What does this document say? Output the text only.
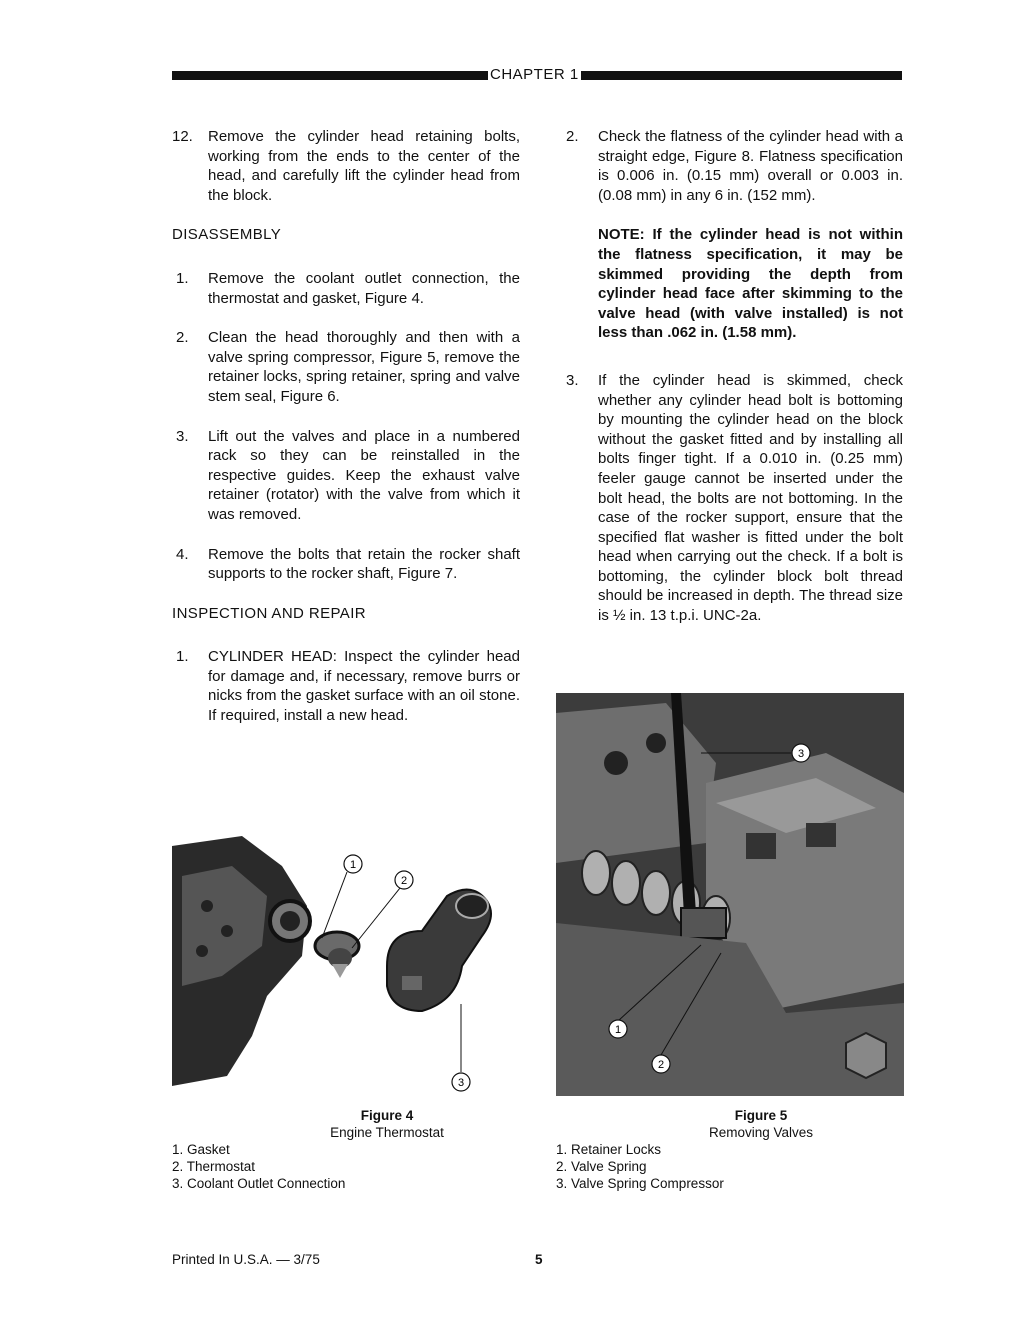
CHAPTER 1
12.	Remove the cylinder head retaining bolts, working from the ends to the center of the head, and carefully lift the cylinder head from the block.
DISASSEMBLY
1.	Remove the coolant outlet connection, the thermostat and gasket, Figure 4.
2.	Clean the head thoroughly and then with a valve spring compressor, Figure 5, remove the retainer locks, spring retainer, spring and valve stem seal, Figure 6.
3.	Lift out the valves and place in a numbered rack so they can be reinstalled in the respective guides. Keep the exhaust valve retainer (rotator) with the valve from which it was removed.
4.	Remove the bolts that retain the rocker shaft supports to the rocker shaft, Figure 7.
INSPECTION AND REPAIR
1.	CYLINDER HEAD: Inspect the cylinder head for damage and, if necessary, remove burrs or nicks from the gasket surface with an oil stone. If required, install a new head.
2.	Check the flatness of the cylinder head with a straight edge, Figure 8. Flatness specification is 0.006 in. (0.15 mm) overall or 0.003 in. (0.08 mm) in any 6 in. (152 mm).
NOTE: If the cylinder head is not within the flatness specification, it may be skimmed providing the depth from cylinder head face after skimming to the valve head (with valve installed) is not less than .062 in. (1.58 mm).
3.	If the cylinder head is skimmed, check whether any cylinder head bolt is bottoming by mounting the cylinder head on the block without the gasket fitted and by installing all bolts finger tight. If a 0.010 in. (0.25 mm) feeler gauge cannot be inserted under the bolt head, the bolts are not bottoming. In the case of the rocker support, ensure that the specified flat washer is fitted under the bolt head when carrying out the check. If a bolt is bottoming, the cylinder block bolt thread should be increased in depth. The thread size is ½ in. 13 t.p.i. UNC-2a.
1
2
3
3
1
2
Figure 4
Engine Thermostat
1. Gasket
2. Thermostat
3. Coolant Outlet Connection
Figure 5
Removing Valves
1. Retainer Locks
2. Valve Spring
3. Valve Spring Compressor
Printed In U.S.A. — 3/75	5
